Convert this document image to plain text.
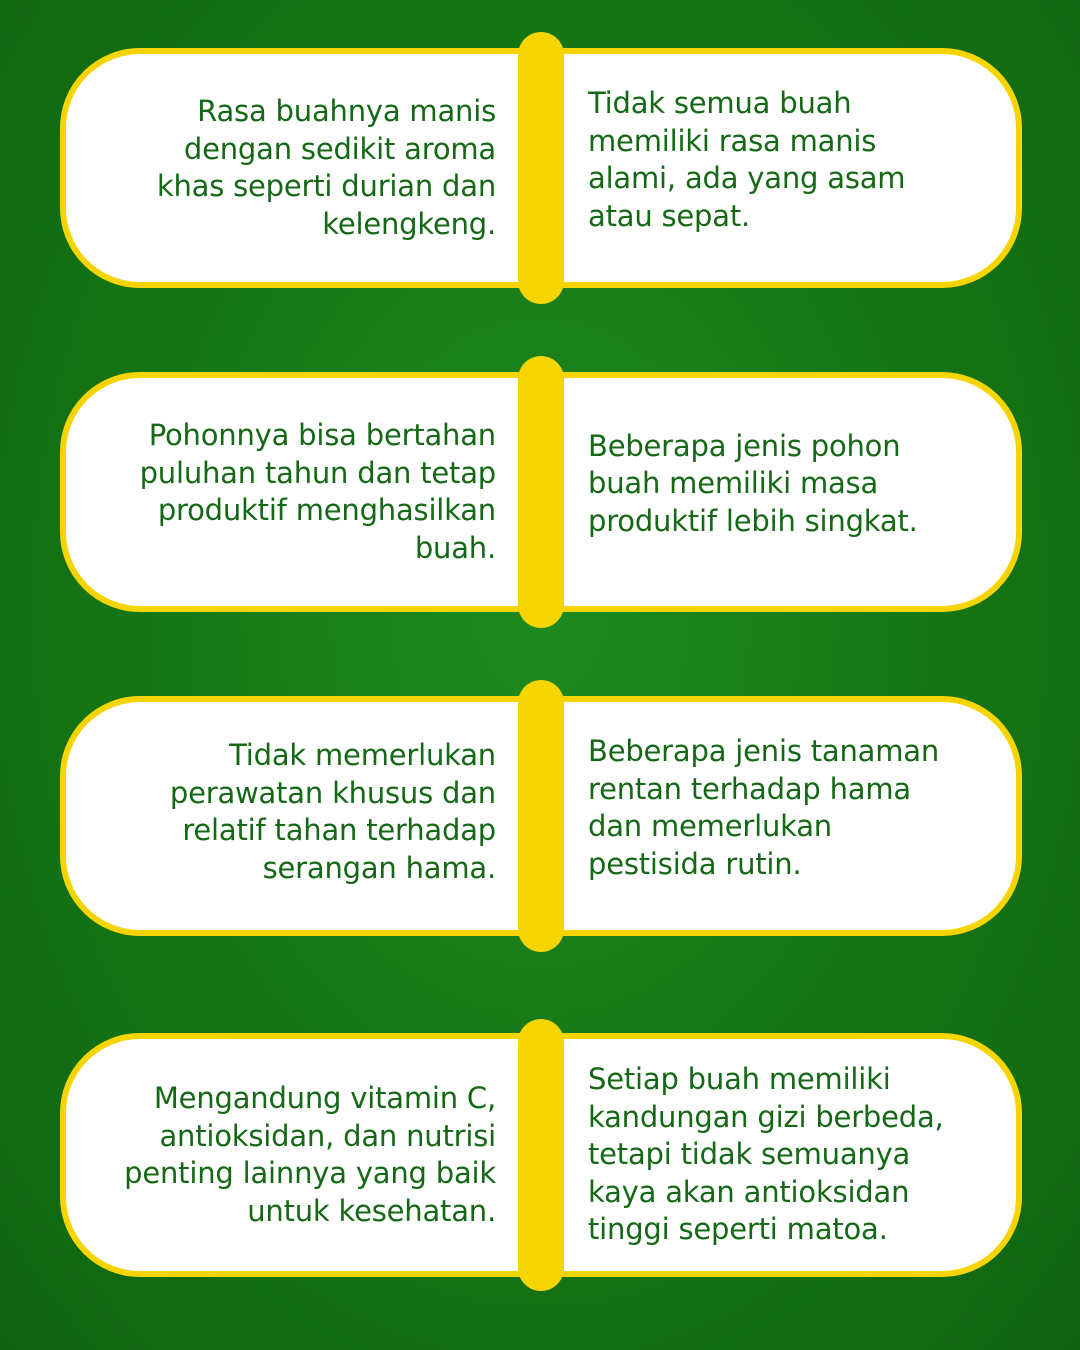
Rasa buahnya manis
dengan sedikit aroma
khas seperti durian dan
kelengkeng.
Tidak semua buah
memiliki rasa manis
alami, ada yang asam
atau sepat.
Pohonnya bisa bertahan
puluhan tahun dan tetap
produktif menghasilkan
buah.
Beberapa jenis pohon
buah memiliki masa
produktif lebih singkat.
Tidak memerlukan
perawatan khusus dan
relatif tahan terhadap
serangan hama.
Beberapa jenis tanaman
rentan terhadap hama
dan memerlukan
pestisida rutin.
Mengandung vitamin C,
antioksidan, dan nutrisi
penting lainnya yang baik
untuk kesehatan.
Setiap buah memiliki
kandungan gizi berbeda,
tetapi tidak semuanya
kaya akan antioksidan
tinggi seperti matoa.
